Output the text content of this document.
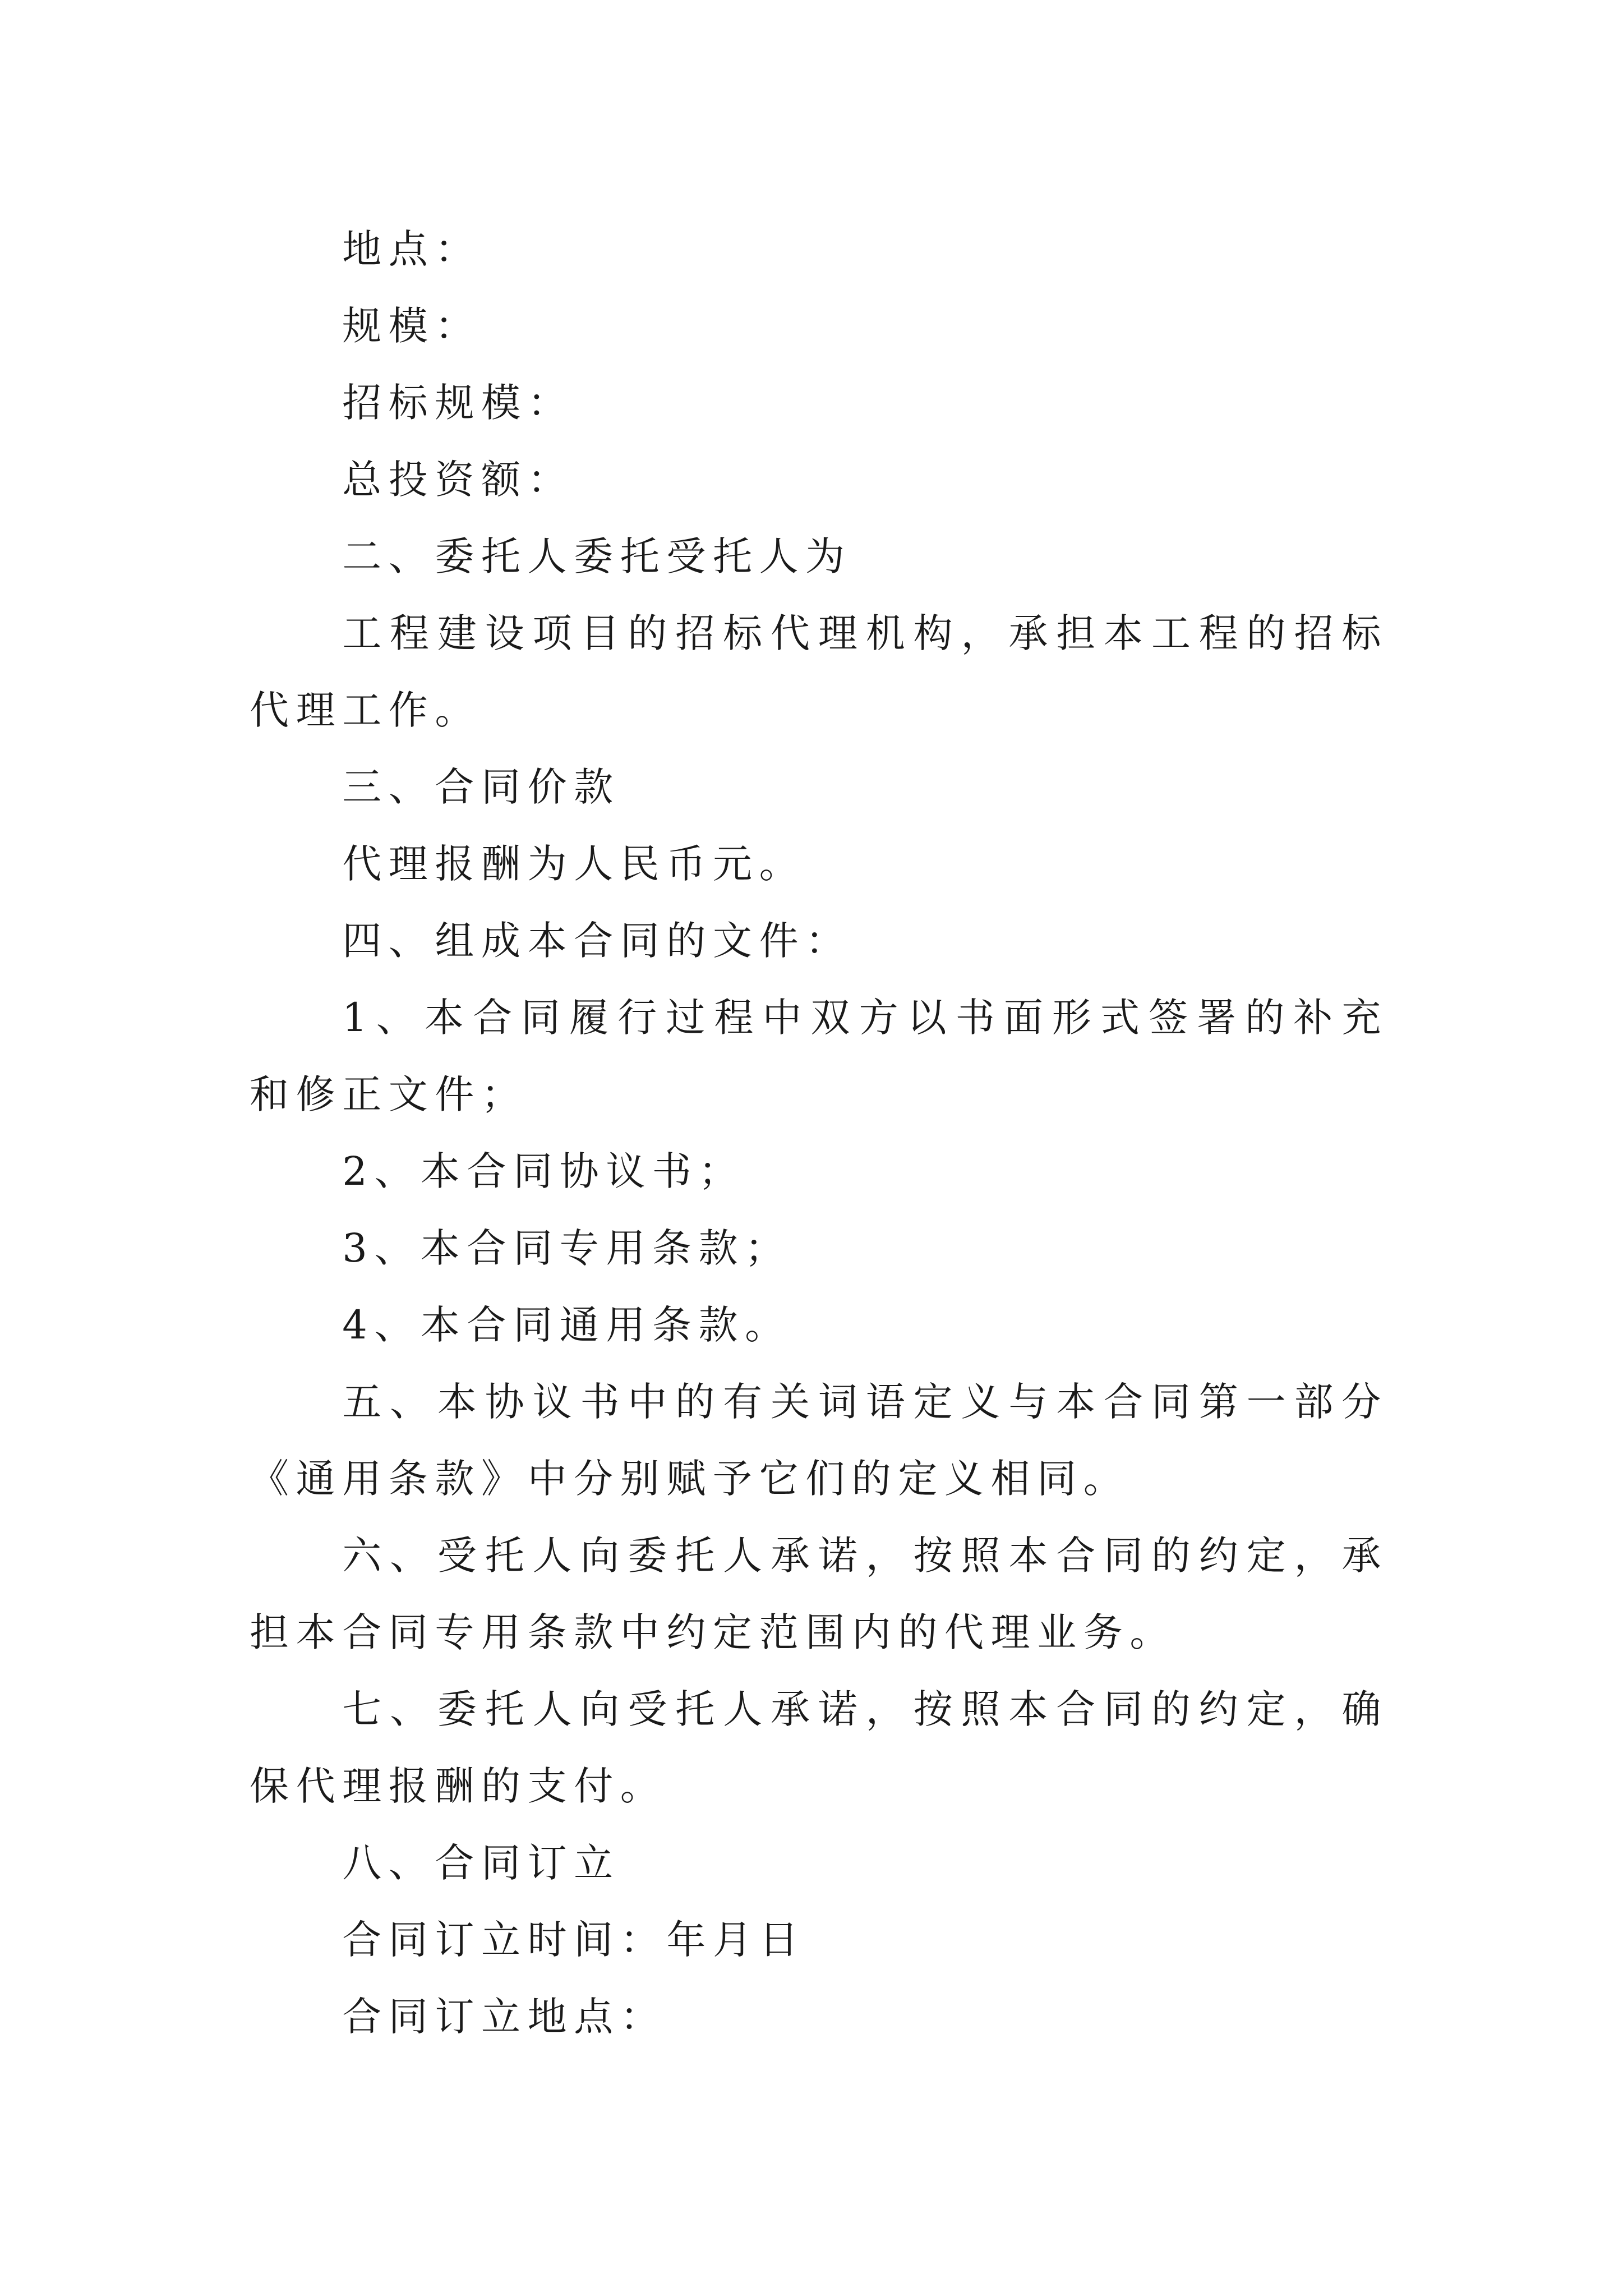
地点：

规模：

招标规模：

总投资额：

二、委托人委托受托人为

工程建设项目的招标代理机构，承担本工程的招标代理工作。

三、合同价款

代理报酬为人民币元。

四、组成本合同的文件：

1、本合同履行过程中双方以书面形式签署的补充和修正文件；

2、本合同协议书；

3、本合同专用条款；

4、本合同通用条款。

五、本协议书中的有关词语定义与本合同第一部分《通用条款》中分别赋予它们的定义相同。

六、受托人向委托人承诺，按照本合同的约定，承担本合同专用条款中约定范围内的代理业务。

七、委托人向受托人承诺，按照本合同的约定，确保代理报酬的支付。

八、合同订立

合同订立时间：年月日

合同订立地点：
